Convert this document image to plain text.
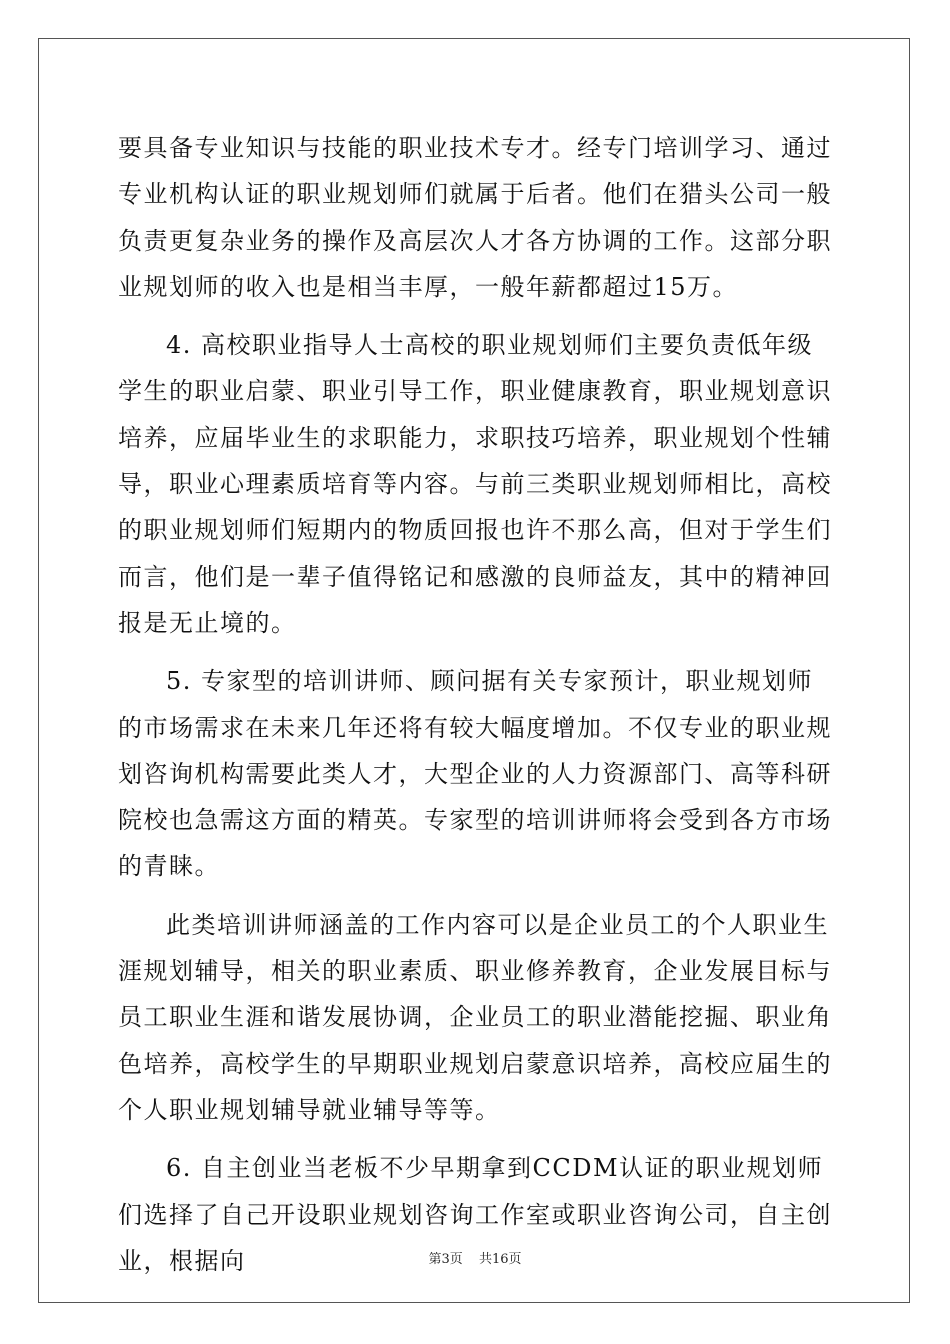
要具备专业知识与技能的职业技术专才。经专门培训学习、通过专业机构认证的职业规划师们就属于后者。他们在猎头公司一般负责更复杂业务的操作及高层次人才各方协调的工作。这部分职业规划师的收入也是相当丰厚，一般年薪都超过15万。

4. 高校职业指导人士高校的职业规划师们主要负责低年级学生的职业启蒙、职业引导工作，职业健康教育，职业规划意识培养，应届毕业生的求职能力，求职技巧培养，职业规划个性辅导，职业心理素质培育等内容。与前三类职业规划师相比，高校的职业规划师们短期内的物质回报也许不那么高，但对于学生们而言，他们是一辈子值得铭记和感激的良师益友，其中的精神回报是无止境的。

5. 专家型的培训讲师、顾问据有关专家预计，职业规划师的市场需求在未来几年还将有较大幅度增加。不仅专业的职业规划咨询机构需要此类人才，大型企业的人力资源部门、高等科研院校也急需这方面的精英。专家型的培训讲师将会受到各方市场的青睐。

此类培训讲师涵盖的工作内容可以是企业员工的个人职业生涯规划辅导，相关的职业素质、职业修养教育，企业发展目标与员工职业生涯和谐发展协调，企业员工的职业潜能挖掘、职业角色培养，高校学生的早期职业规划启蒙意识培养，高校应届生的个人职业规划辅导就业辅导等等。

6. 自主创业当老板不少早期拿到CCDM认证的职业规划师们选择了自己开设职业规划咨询工作室或职业咨询公司，自主创业，根据向	第3页 共16页
